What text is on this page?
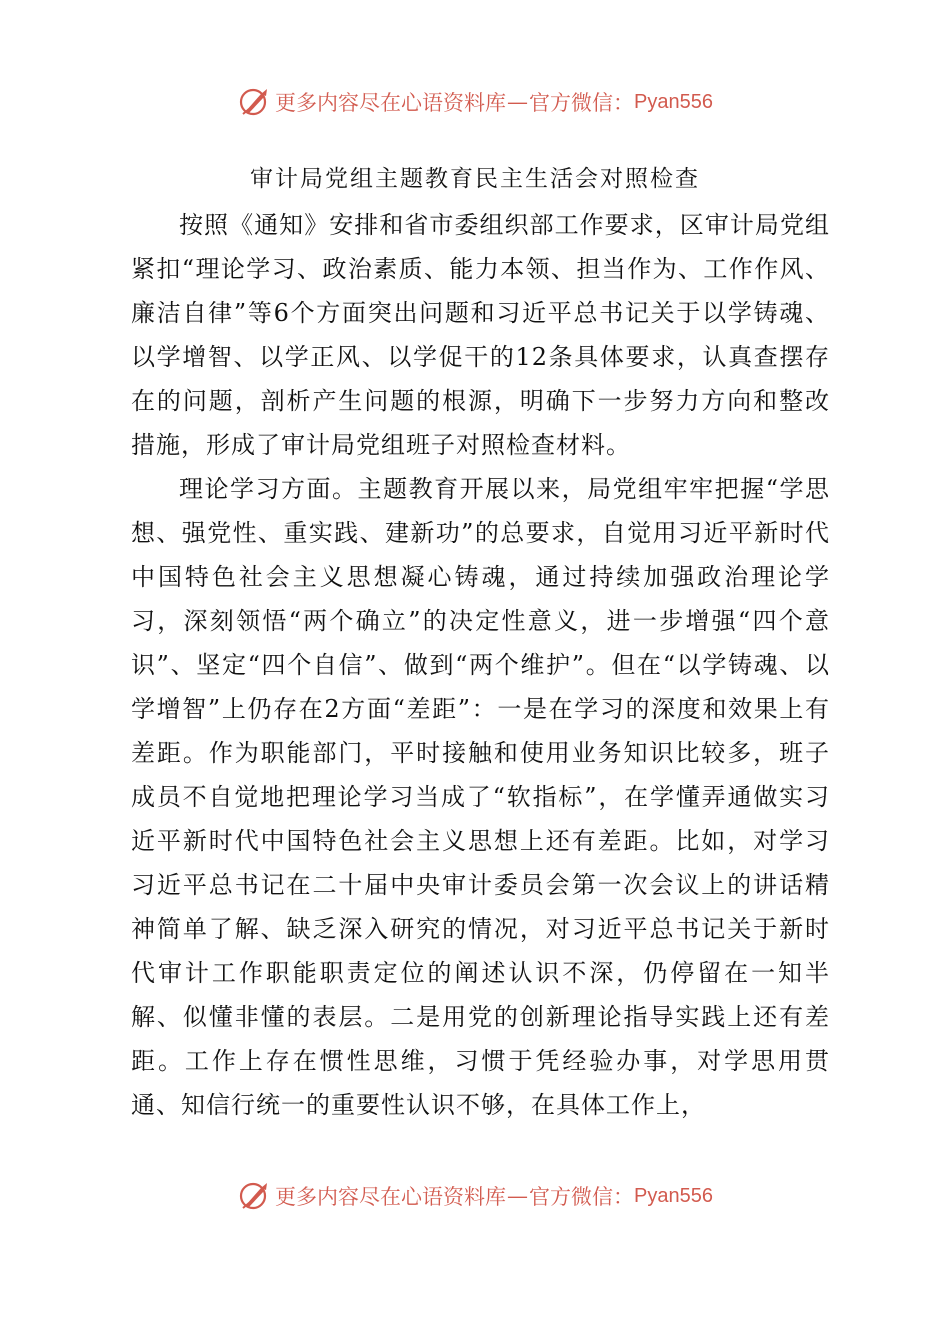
更多内容尽在心语资料库 — 官方微信： Pyan556
审计局党组主题教育民主生活会对照检查

按照《通知》安排和省市委组织部工作要求，区审计局党组紧扣“理论学习、政治素质、能力本领、担当作为、工作作风、廉洁自律”等6个方面突出问题和习近平总书记关于以学铸魂、以学增智、以学正风、以学促干的12条具体要求，认真查摆存在的问题，剖析产生问题的根源，明确下一步努力方向和整改措施，形成了审计局党组班子对照检查材料。

理论学习方面。主题教育开展以来，局党组牢牢把握“学思想、强党性、重实践、建新功”的总要求，自觉用习近平新时代中国特色社会主义思想凝心铸魂，通过持续加强政治理论学习，深刻领悟“两个确立”的决定性意义，进一步增强“四个意识”、坚定“四个自信”、做到“两个维护”。但在“以学铸魂、以学增智”上仍存在2方面“差距”：一是在学习的深度和效果上有差距。作为职能部门，平时接触和使用业务知识比较多，班子成员不自觉地把理论学习当成了“软指标”，在学懂弄通做实习近平新时代中国特色社会主义思想上还有差距。比如，对学习习近平总书记在二十届中央审计委员会第一次会议上的讲话精神简单了解、缺乏深入研究的情况，对习近平总书记关于新时代审计工作职能职责定位的阐述认识不深，仍停留在一知半解、似懂非懂的表层。二是用党的创新理论指导实践上还有差距。工作上存在惯性思维，习惯于凭经验办事，对学思用贯通、知信行统一的重要性认识不够，在具体工作上，

更多内容尽在心语资料库 — 官方微信： Pyan556
